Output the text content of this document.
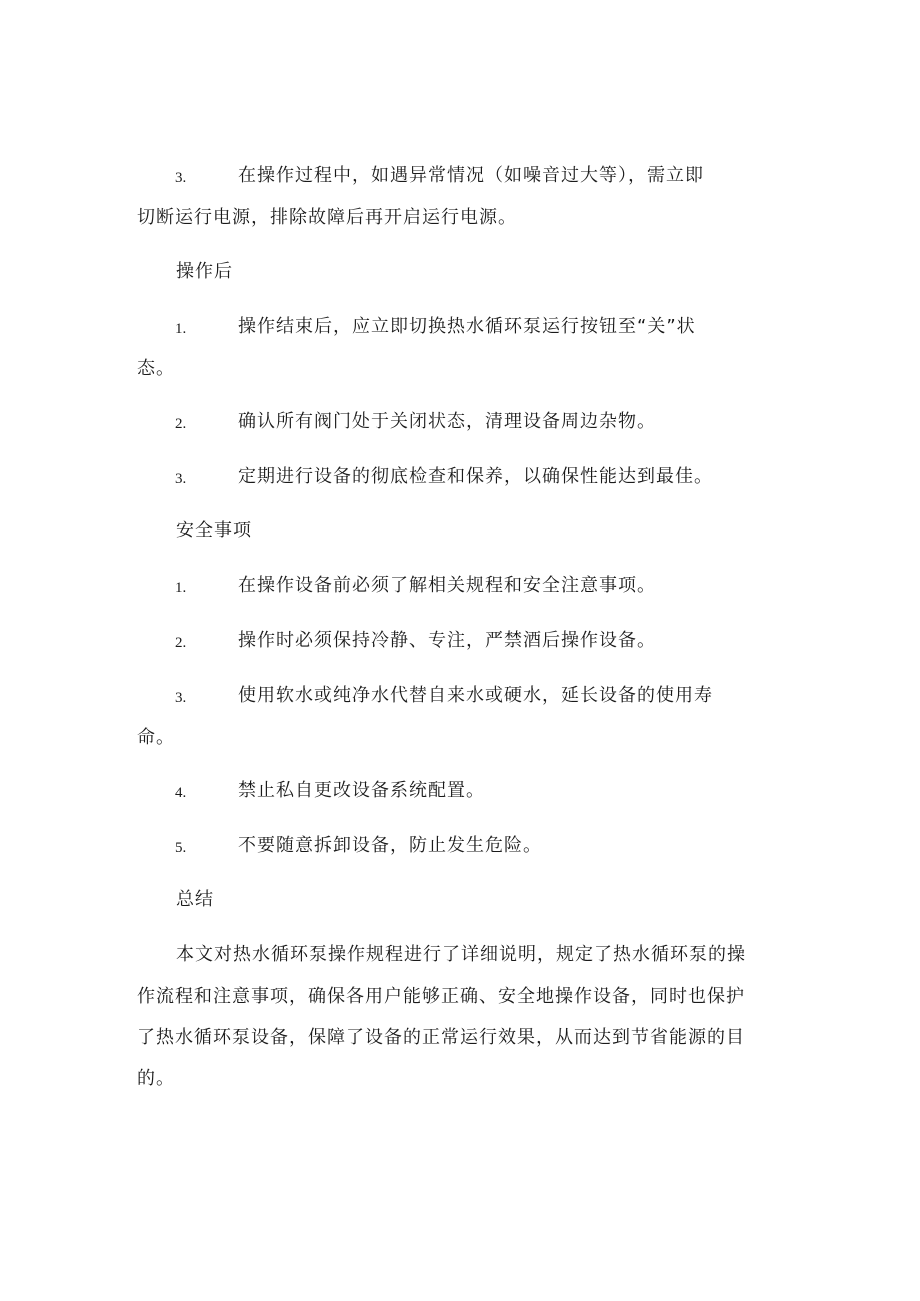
3.	在操作过程中，如遇异常情况（如噪音过大等），需立即
切断运行电源，排除故障后再开启运行电源。
操作后
1.	操作结束后，应立即切换热水循环泵运行按钮至“关”状
态。
2.	确认所有阀门处于关闭状态，清理设备周边杂物。
3.	定期进行设备的彻底检查和保养，以确保性能达到最佳。
安全事项
1.	在操作设备前必须了解相关规程和安全注意事项。
2.	操作时必须保持冷静、专注，严禁酒后操作设备。
3.	使用软水或纯净水代替自来水或硬水，延长设备的使用寿
命。
4.	禁止私自更改设备系统配置。
5.	不要随意拆卸设备，防止发生危险。
总结
本文对热水循环泵操作规程进行了详细说明，规定了热水循环泵的操
作流程和注意事项，确保各用户能够正确、安全地操作设备，同时也保护
了热水循环泵设备，保障了设备的正常运行效果，从而达到节省能源的目
的。
